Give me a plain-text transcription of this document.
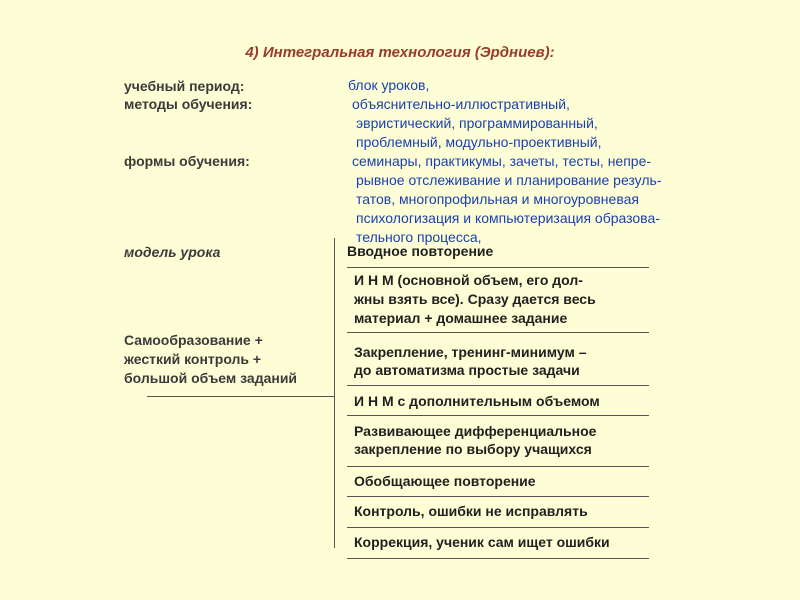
4) Интегральная технология (Эрдниев):
учебный период:
методы обучения:
формы обучения:
модель урока
блок уроков,
объяснительно-иллюстративный,
эвристический, программированный,
проблемный, модульно-проективный,
семинары, практикумы, зачеты, тесты, непре-
рывное отслеживание и планирование резуль-
татов, многопрофильная и многоуровневая
психологизация и компьютеризация образова-
тельного процесса,
Самообразование +
жесткий контроль +
большой объем заданий
Вводное повторение
И Н М (основной объем, его дол-
жны взять все). Сразу дается весь
материал + домашнее задание
Закрепление, тренинг-минимум –
до автоматизма простые задачи
И Н М с дополнительным объемом
Развивающее дифференциальное
закрепление по выбору учащихся
Обобщающее повторение
Контроль, ошибки не исправлять
Коррекция, ученик сам ищет ошибки
